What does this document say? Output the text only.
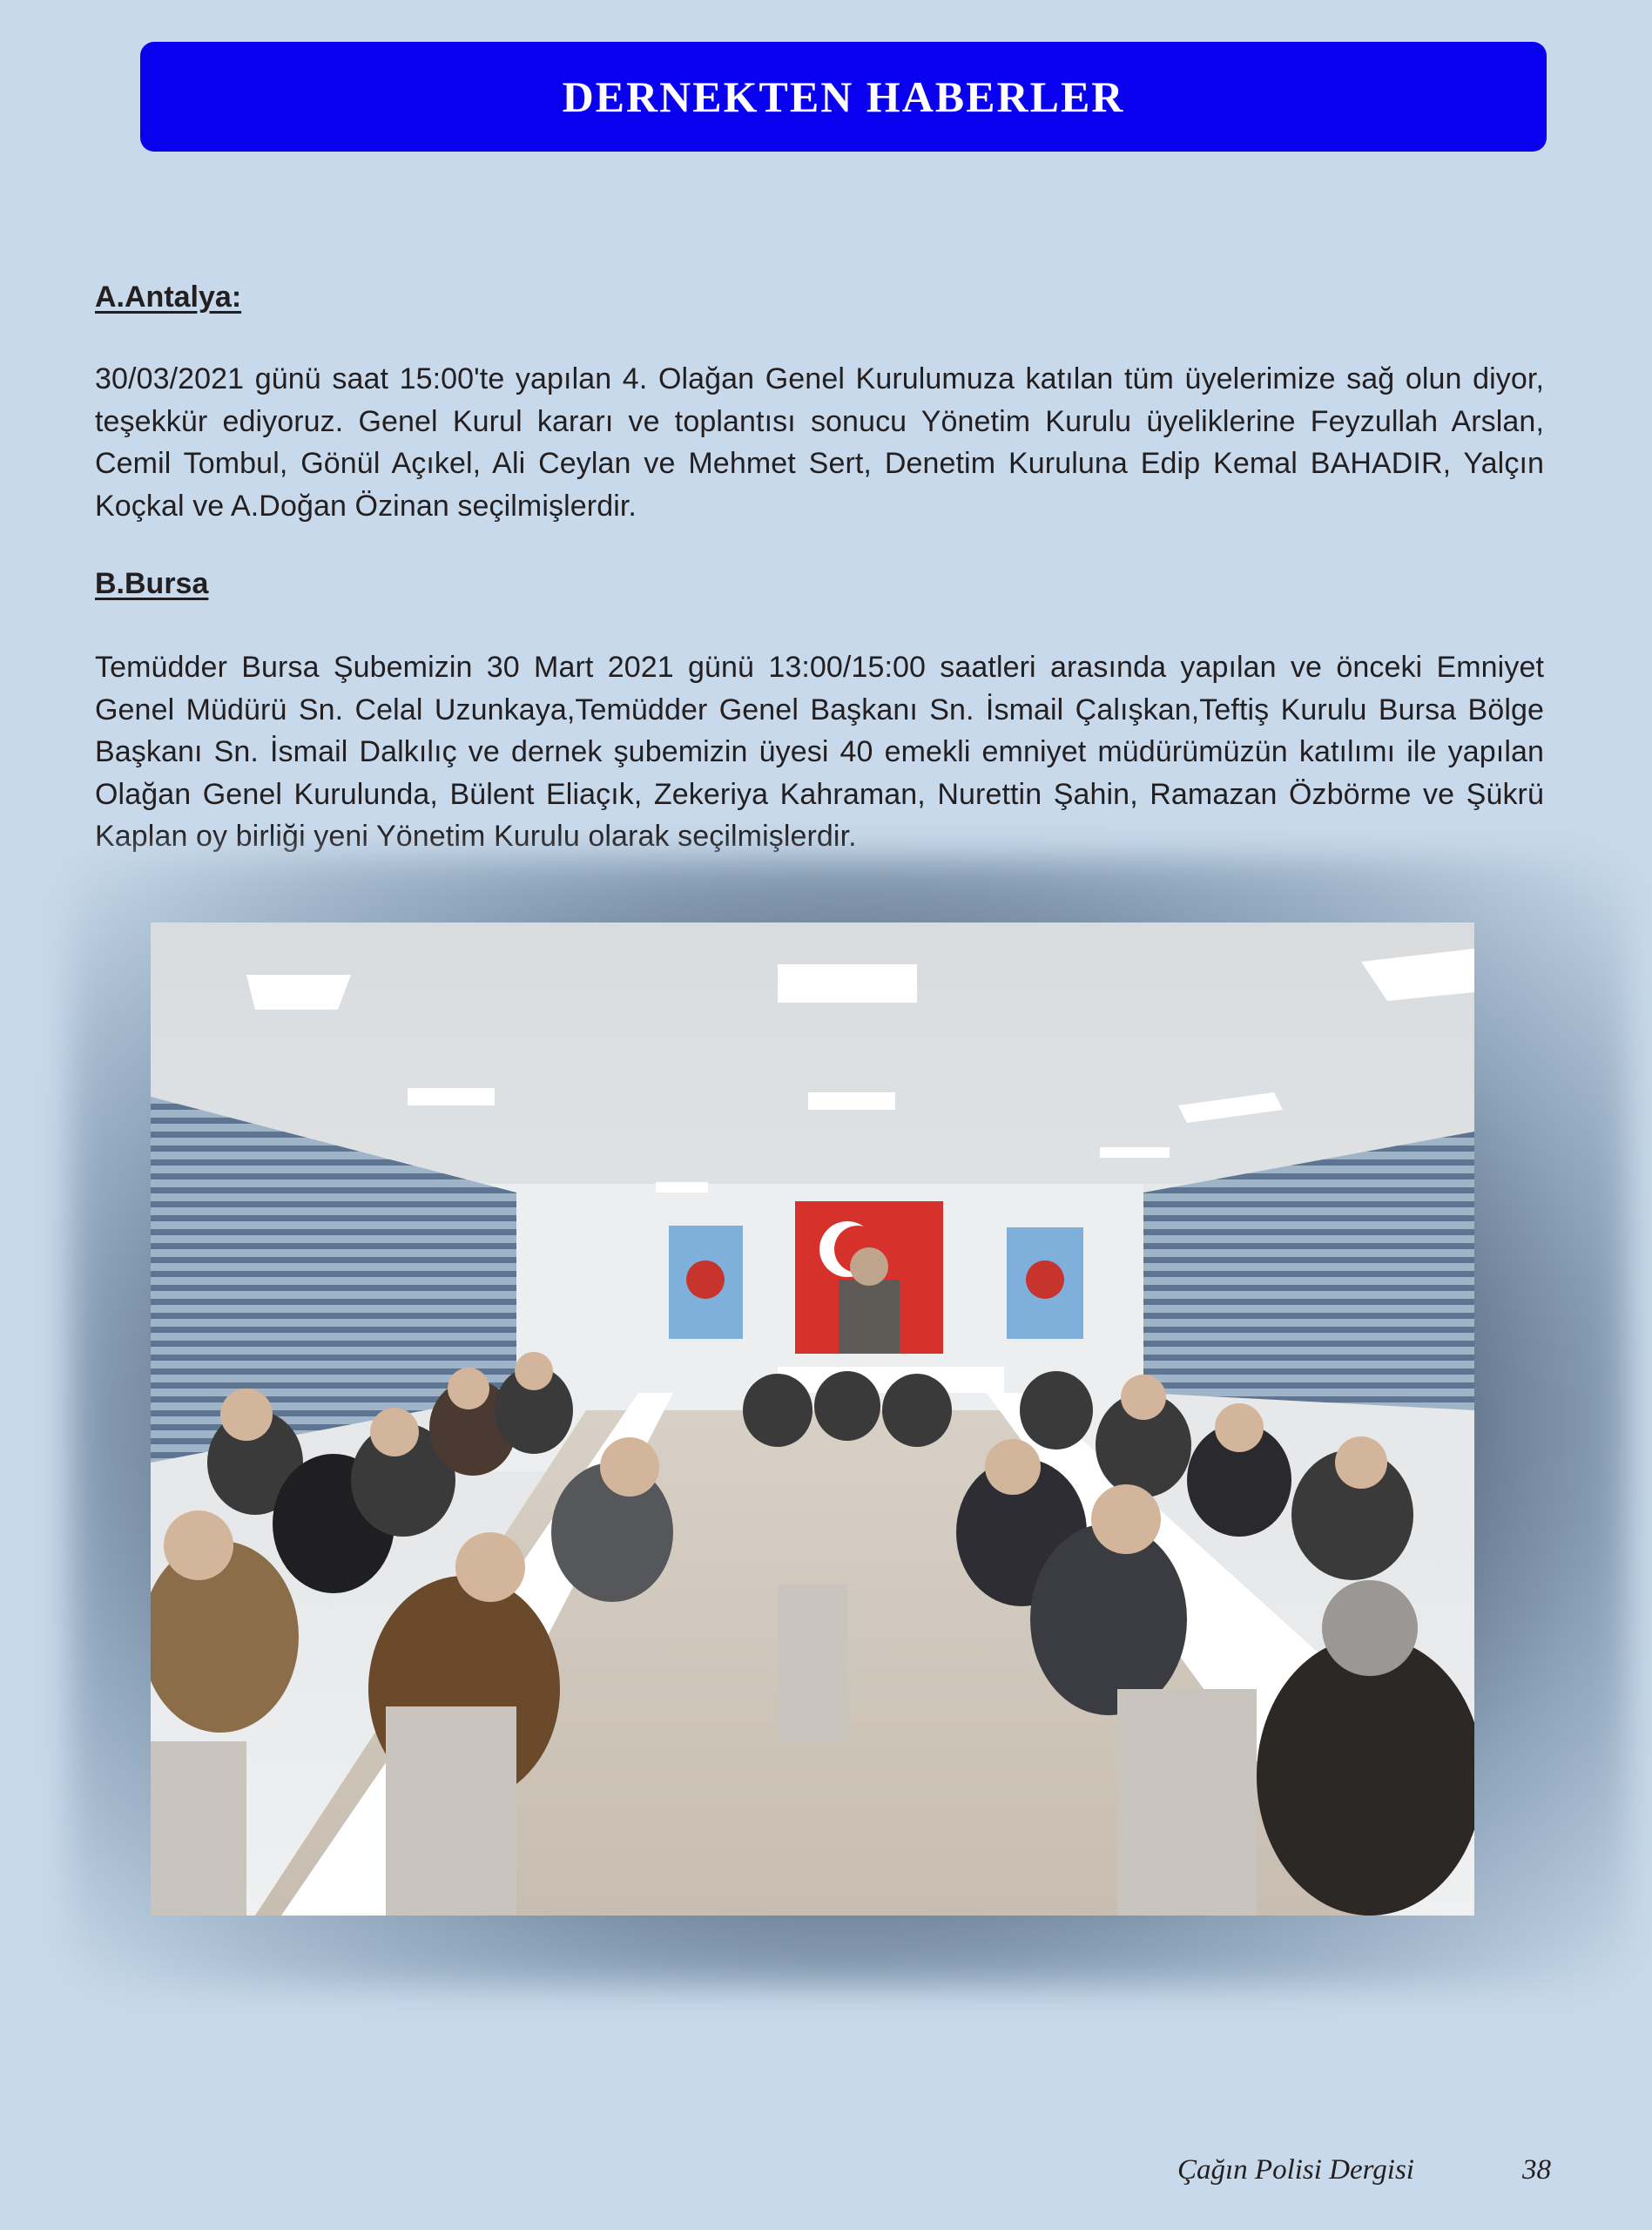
DERNEKTEN HABERLER
A.Antalya:

30/03/2021 günü saat 15:00'te yapılan 4. Olağan Genel Kurulumuza katılan tüm üyelerimize sağ olun diyor, teşekkür ediyoruz. Genel Kurul kararı ve toplantısı sonucu Yönetim Kurulu üyeliklerine Feyzullah Arslan, Cemil Tombul, Gönül Açıkel, Ali Ceylan ve Mehmet Sert, Denetim Kuruluna Edip Kemal BAHADIR, Yalçın Koçkal ve A.Doğan Özinan seçilmişlerdir.

B.Bursa

Temüdder Bursa Şubemizin 30 Mart 2021 günü 13:00/15:00 saatleri arasında yapılan ve önceki Emniyet Genel Müdürü Sn. Celal Uzunkaya,Temüdder Genel Başkanı Sn. İsmail Çalışkan,Teftiş Kurulu Bursa Bölge Başkanı Sn. İsmail Dalkılıç ve dernek şubemizin üyesi 40 emekli emniyet müdürümüzün katılımı ile yapılan Olağan Genel Kurulunda, Bülent Eliaçık, Zekeriya Kahraman, Nurettin Şahin, Ramazan Özbörme ve Şükrü Kaplan oy birliği yeni Yönetim Kurulu olarak seçilmişlerdir.

Çağın Polisi Dergisi	38
